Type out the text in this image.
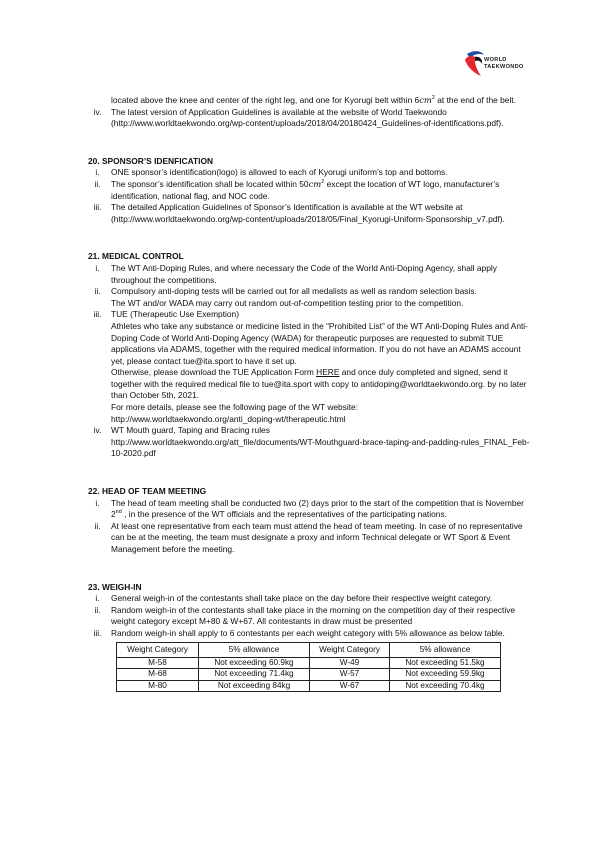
WORLD
TAEKWONDO
located above the knee and center of the right leg, and one for Kyorugi belt within $6cm^2$ at the end of the belt.
iv.	The latest version of Application Guidelines is available at the website of World Taekwondo (http://www.worldtaekwondo.org/wp-content/uploads/2018/04/20180424_Guidelines-of-identifications.pdf).
20. SPONSOR’S IDENFICATION
i.	ONE sponsor’s identification(logo) is allowed to each of Kyorugi uniform’s top and bottoms.
ii.	The sponsor’s identification shall be located within $50cm^2$ except the location of WT logo, manufacturer’s identification, national flag, and NOC code.
iii.	The detailed Application Guidelines of Sponsor’s Identification is available at the WT website at (http://www.worldtaekwondo.org/wp-content/uploads/2018/05/Final_Kyorugi-Uniform-Sponsorship_v7.pdf).
21. MEDICAL CONTROL
i.	The WT Anti-Doping Rules, and where necessary the Code of the World Anti-Doping Agency, shall apply throughout the competitions.
ii.	Compulsory anti-doping tests will be carried out for all medalists as well as random selection basis.
The WT and/or WADA may carry out random out-of-competition testing prior to the competition.
iii.	TUE (Therapeutic Use Exemption)
Athletes who take any substance or medicine listed in the “Prohibited List” of the WT Anti-Doping Rules and Anti-Doping Code of World Anti-Doping Agency (WADA) for therapeutic purposes are requested to submit TUE applications via ADAMS, together with the required medical information. If you do not have an ADAMS account yet, please contact tue@ita.sport to have it set up.
Otherwise, please download the TUE Application Form HERE and once duly completed and signed, send it together with the required medical file to tue@ita.sport with copy to antidoping@worldtaekwondo.org. by no later than October 5th, 2021.
For more details, please see the following page of the WT website:
http://www.worldtaekwondo.org/anti_doping-wt/therapeutic.html
iv.	WT Mouth guard, Taping and Bracing rules
http://www.worldtaekwondo.org/att_file/documents/WT-Mouthguard-brace-taping-and-padding-rules_FINAL_Feb-10-2020.pdf
22. HEAD OF TEAM MEETING
i.	The head of team meeting shall be conducted two (2) days prior to the start of the competition that is November 2nd , in the presence of the WT officials and the representatives of the participating nations.
ii.	At least one representative from each team must attend the head of team meeting. In case of no representative can be at the meeting, the team must designate a proxy and inform Technical delegate or WT Sport & Event Management before the meeting.
23. WEIGH-IN
i.	General weigh-in of the contestants shall take place on the day before their respective weight category.
ii.	Random weigh-in of the contestants shall take place in the morning on the competition day of their respective weight category except M+80 & W+67. All contestants in draw must be presented
iii.	Random weigh-in shall apply to 6 contestants per each weight category with 5% allowance as below table.
Weight Category	5% allowance	Weight Category	5% allowance
M-58	Not exceeding 60.9kg	W-49	Not exceeding 51.5kg
M-68	Not exceeding 71.4kg	W-57	Not exceeding 59.9kg
M-80	Not exceeding 84kg	W-67	Not exceeding 70.4kg
